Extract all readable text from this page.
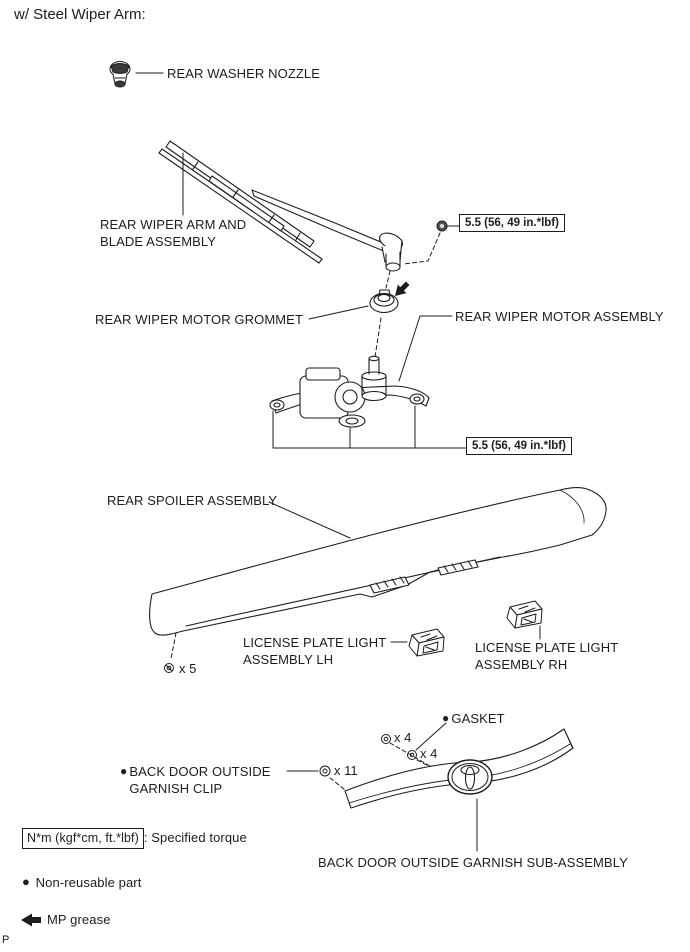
w/ Steel Wiper Arm:
REAR WASHER NOZZLE
REAR WIPER ARM AND
BLADE ASSEMBLY
5.5 (56, 49 in.*lbf)
REAR WIPER MOTOR GROMMET	REAR WIPER MOTOR ASSEMBLY
5.5 (56, 49 in.*lbf)
REAR SPOILER ASSEMBLY
x 5
LICENSE PLATE LIGHT
ASSEMBLY LH
LICENSE PLATE LIGHT
ASSEMBLY RH
● GASKET
x 4
x 4
x 11
● BACK DOOR OUTSIDE
GARNISH CLIP
BACK DOOR OUTSIDE GARNISH SUB-ASSEMBLY
N*m (kgf*cm, ft.*lbf) : Specified torque
● Non-reusable part
MP grease
P
